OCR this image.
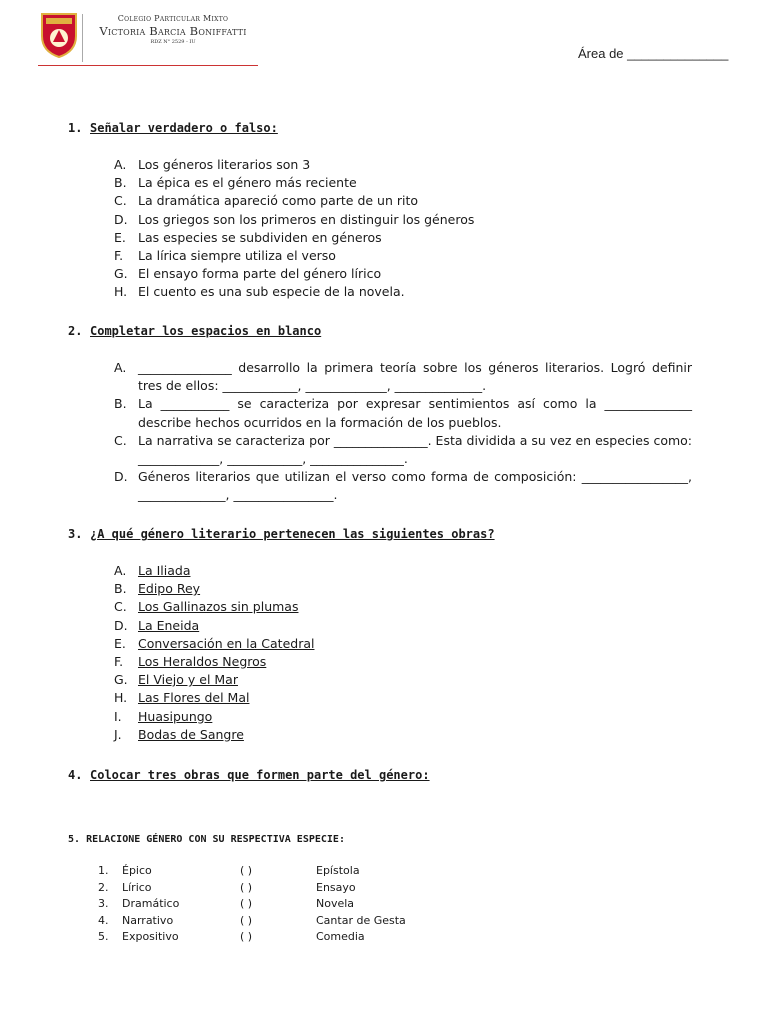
Colegio Particular Mixto
Victoria Barcia Boniffatti
RDZ N° 2529 - IU
Área de ______________
1. Señalar verdadero o falso:
A. Los géneros literarios son 3
B. La épica es el género más reciente
C. La dramática apareció como parte de un rito
D. Los griegos son los primeros en distinguir los géneros
E. Las especies se subdividen en géneros
F.	La lírica siempre utiliza el verso
G. El ensayo forma parte del género lírico
H. El cuento es una sub especie de la novela.
2. Completar los espacios en blanco
A. _______________ desarrollo la primera teoría sobre los géneros literarios. Logró definir tres de ellos: ____________, _____________, ______________.
B. La ___________ se caracteriza por expresar sentimientos así como la ______________ describe hechos ocurridos en la formación de los pueblos.
C. La narrativa se caracteriza por _______________. Esta dividida a su vez en especies como: _____________, ____________, _______________.
D. Géneros literarios que utilizan el verso como forma de composición: _________________, ______________, ________________.
3. ¿A qué género literario pertenecen las siguientes obras?
A. La Iliada
B. Edipo Rey
C. Los Gallinazos sin plumas
D. La Eneida
E. Conversación en la Catedral
F.	Los Heraldos Negros
G. El Viejo y el Mar
H. Las Flores del Mal
I.	Huasipungo
J.	Bodas de Sangre
4. Colocar tres obras que formen parte del género:
5. RELACIONE GÉNERO CON SU RESPECTIVA ESPECIE:
1. Épico	( )	Epístola
2. Lírico	( )	Ensayo
3. Dramático	( )	Novela
4. Narrativo	( )	Cantar de Gesta
5. Expositivo	( )	Comedia
